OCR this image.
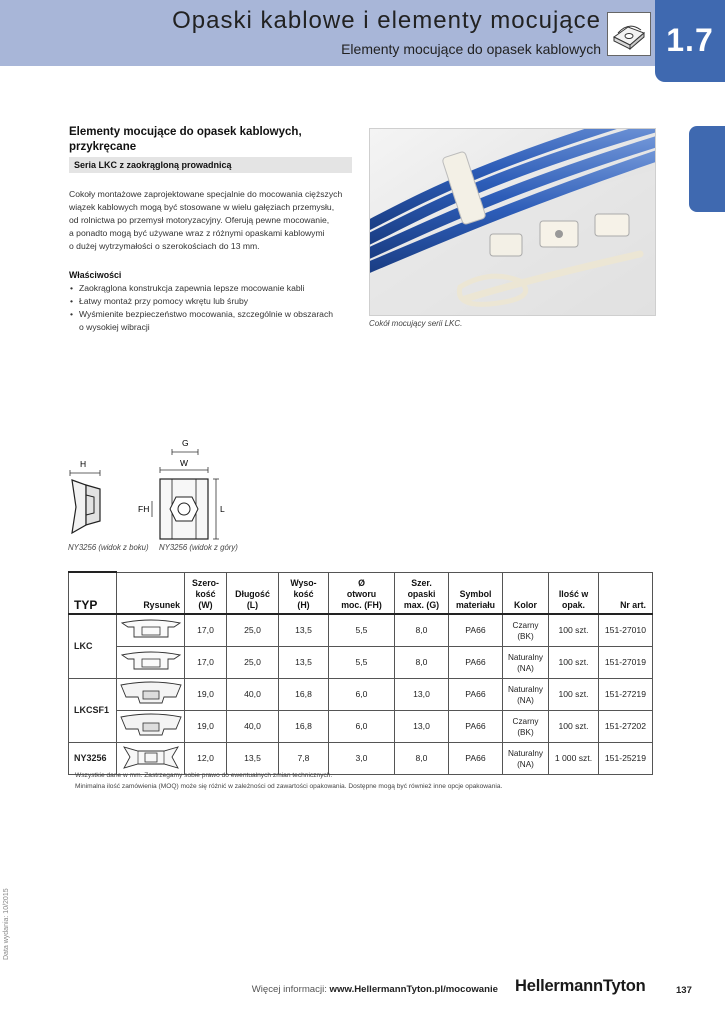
Opaski kablowe i elementy mocujące
Elementy mocujące do opasek kablowych	1.7
Elementy mocujące do opasek kablowych, przykręcane
Seria LKC z zaokrągloną prowadnicą
Cokoły montażowe zaprojektowane specjalnie do mocowania cięższych
wiązek kablowych mogą być stosowane w wielu gałęziach przemysłu,
od rolnictwa po przemysł motoryzacyjny. Oferują pewne mocowanie,
a ponadto mogą być używane wraz z różnymi opaskami kablowymi
o dużej wytrzymałości o szerokościach do 13 mm.
Właściwości
• Zaokrąglona konstrukcja zapewnia lepsze mocowanie kabli
• Łatwy montaż przy pomocy wkrętu lub śruby
• Wyśmienite bezpieczeństwo mocowania, szczególnie w obszarach
o wysokiej wibracji	Cokół mocujący serii LKC.
H
G
W
FH	L
NY3256 (widok z boku) NY3256 (widok z góry)
TYP	Rysunek	Szero-
kość
(W)	Długość
(L)	Wyso-
kość
(H)	Ø
otworu
moc. (FH)	Szer.
opaski
max. (G)	Symbol
materiału	Kolor	Ilość w
opak.	Nr art.
LKC		17,0	25,0	13,5	5,5	8,0	PA66	Czarny
(BK)	100 szt.	151-27010
	17,0	25,0	13,5	5,5	8,0	PA66	Naturalny
(NA)	100 szt.	151-27019
LKCSF1		19,0	40,0	16,8	6,0	13,0	PA66	Naturalny
(NA)	100 szt.	151-27219
	19,0	40,0	16,8	6,0	13,0	PA66	Czarny
(BK)	100 szt.	151-27202
NY3256		12,0	13,5	7,8	3,0	8,0	PA66	Naturalny
(NA)	1 000 szt.	151-25219
Wszystkie dane w mm. Zastrzegamy sobie prawo do ewentualnych zmian technicznych.
Minimalna ilość zamówienia (MOQ) może się różnić w zależności od zawartości opakowania. Dostępne mogą być również inne opcje opakowania.
Data wydania: 10/2015
Więcej informacji: www.HellermannTyton.pl/mocowanie HellermannTyton	137
